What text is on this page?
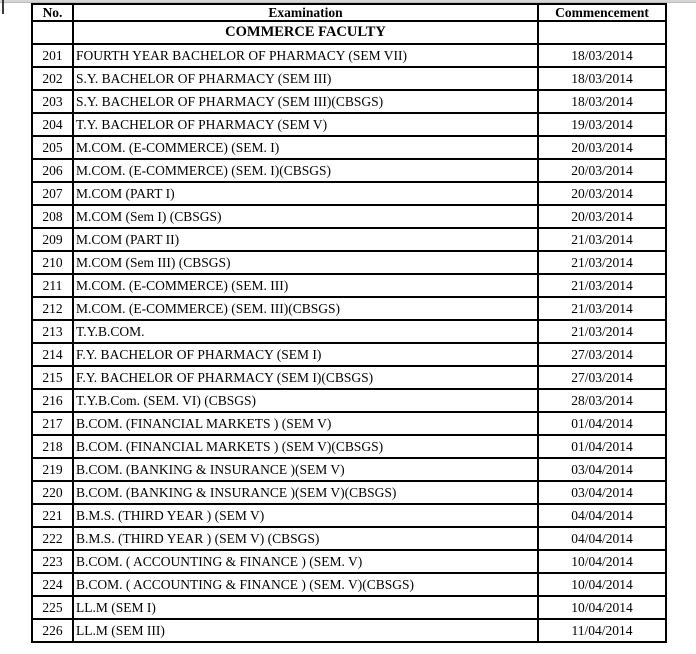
No.	Examination	Commencement
	COMMERCE FACULTY	
201	FOURTH YEAR BACHELOR OF PHARMACY (SEM VII)	18/03/2014
202	S.Y. BACHELOR OF PHARMACY (SEM III)	18/03/2014
203	S.Y. BACHELOR OF PHARMACY (SEM III)(CBSGS)	18/03/2014
204	T.Y. BACHELOR OF PHARMACY (SEM V)	19/03/2014
205	M.COM. (E-COMMERCE) (SEM. I)	20/03/2014
206	M.COM. (E-COMMERCE) (SEM. I)(CBSGS)	20/03/2014
207	M.COM (PART I)	20/03/2014
208	M.COM (Sem I) (CBSGS)	20/03/2014
209	M.COM (PART II)	21/03/2014
210	M.COM (Sem III) (CBSGS)	21/03/2014
211	M.COM. (E-COMMERCE) (SEM. III)	21/03/2014
212	M.COM. (E-COMMERCE) (SEM. III)(CBSGS)	21/03/2014
213	T.Y.B.COM.	21/03/2014
214	F.Y. BACHELOR OF PHARMACY (SEM I)	27/03/2014
215	F.Y. BACHELOR OF PHARMACY (SEM I)(CBSGS)	27/03/2014
216	T.Y.B.Com. (SEM. VI) (CBSGS)	28/03/2014
217	B.COM. (FINANCIAL MARKETS ) (SEM V)	01/04/2014
218	B.COM. (FINANCIAL MARKETS ) (SEM V)(CBSGS)	01/04/2014
219	B.COM. (BANKING & INSURANCE )(SEM V)	03/04/2014
220	B.COM. (BANKING & INSURANCE )(SEM V)(CBSGS)	03/04/2014
221	B.M.S. (THIRD YEAR ) (SEM V)	04/04/2014
222	B.M.S. (THIRD YEAR ) (SEM V) (CBSGS)	04/04/2014
223	B.COM. ( ACCOUNTING & FINANCE ) (SEM. V)	10/04/2014
224	B.COM. ( ACCOUNTING & FINANCE ) (SEM. V)(CBSGS)	10/04/2014
225	LL.M (SEM I)	10/04/2014
226	LL.M (SEM III)	11/04/2014
